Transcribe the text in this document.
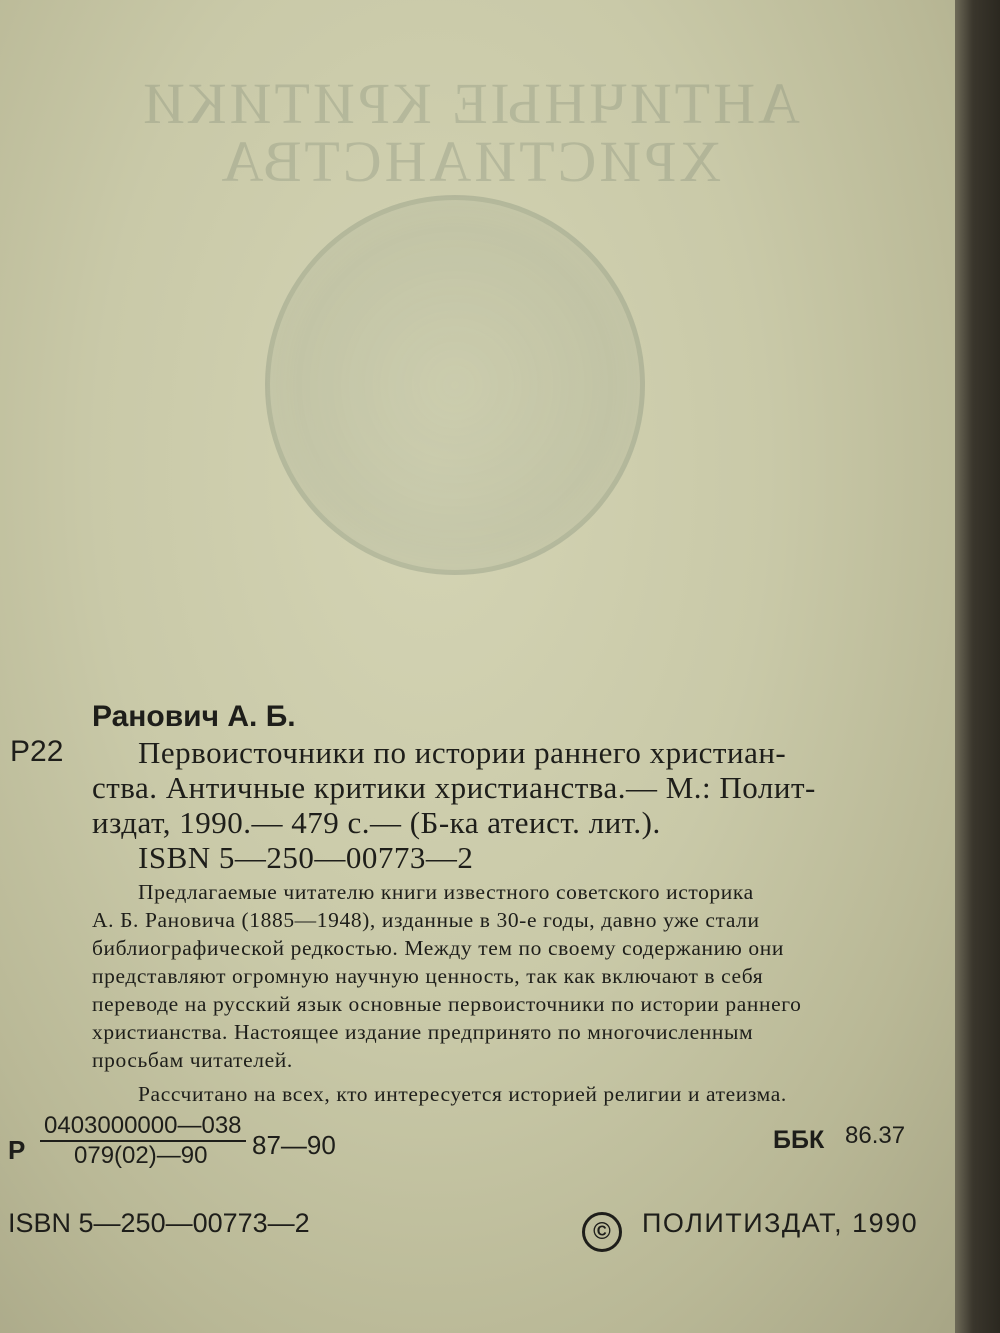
АНТИЧНЫЕ КРИТИКИ
ХРИСТИАНСТВА
Ранович А. Б.
Р22 Первоисточники по истории раннего христиан-
ства. Античные критики христианства.— М.: Полит-
издат, 1990.— 479 с.— (Б-ка атеист. лит.).
ISBN 5—250—00773—2
Предлагаемые читателю книги известного советского историка
А. Б. Рановича (1885—1948), изданные в 30-е годы, давно уже стали
библиографической редкостью. Между тем по своему содержанию они
представляют огромную научную ценность, так как включают в себя
переводе на русский язык основные первоисточники по истории раннего
христианства. Настоящее издание предпринято по многочисленным
просьбам читателей.
Рассчитано на всех, кто интересуется историей религии и атеизма.
Р $\frac{0403000000—038}{079(02)—90}$ 87—90	ББК 86.37
ISBN 5—250—00773—2	©	ПОЛИТИЗДАТ, 1990
